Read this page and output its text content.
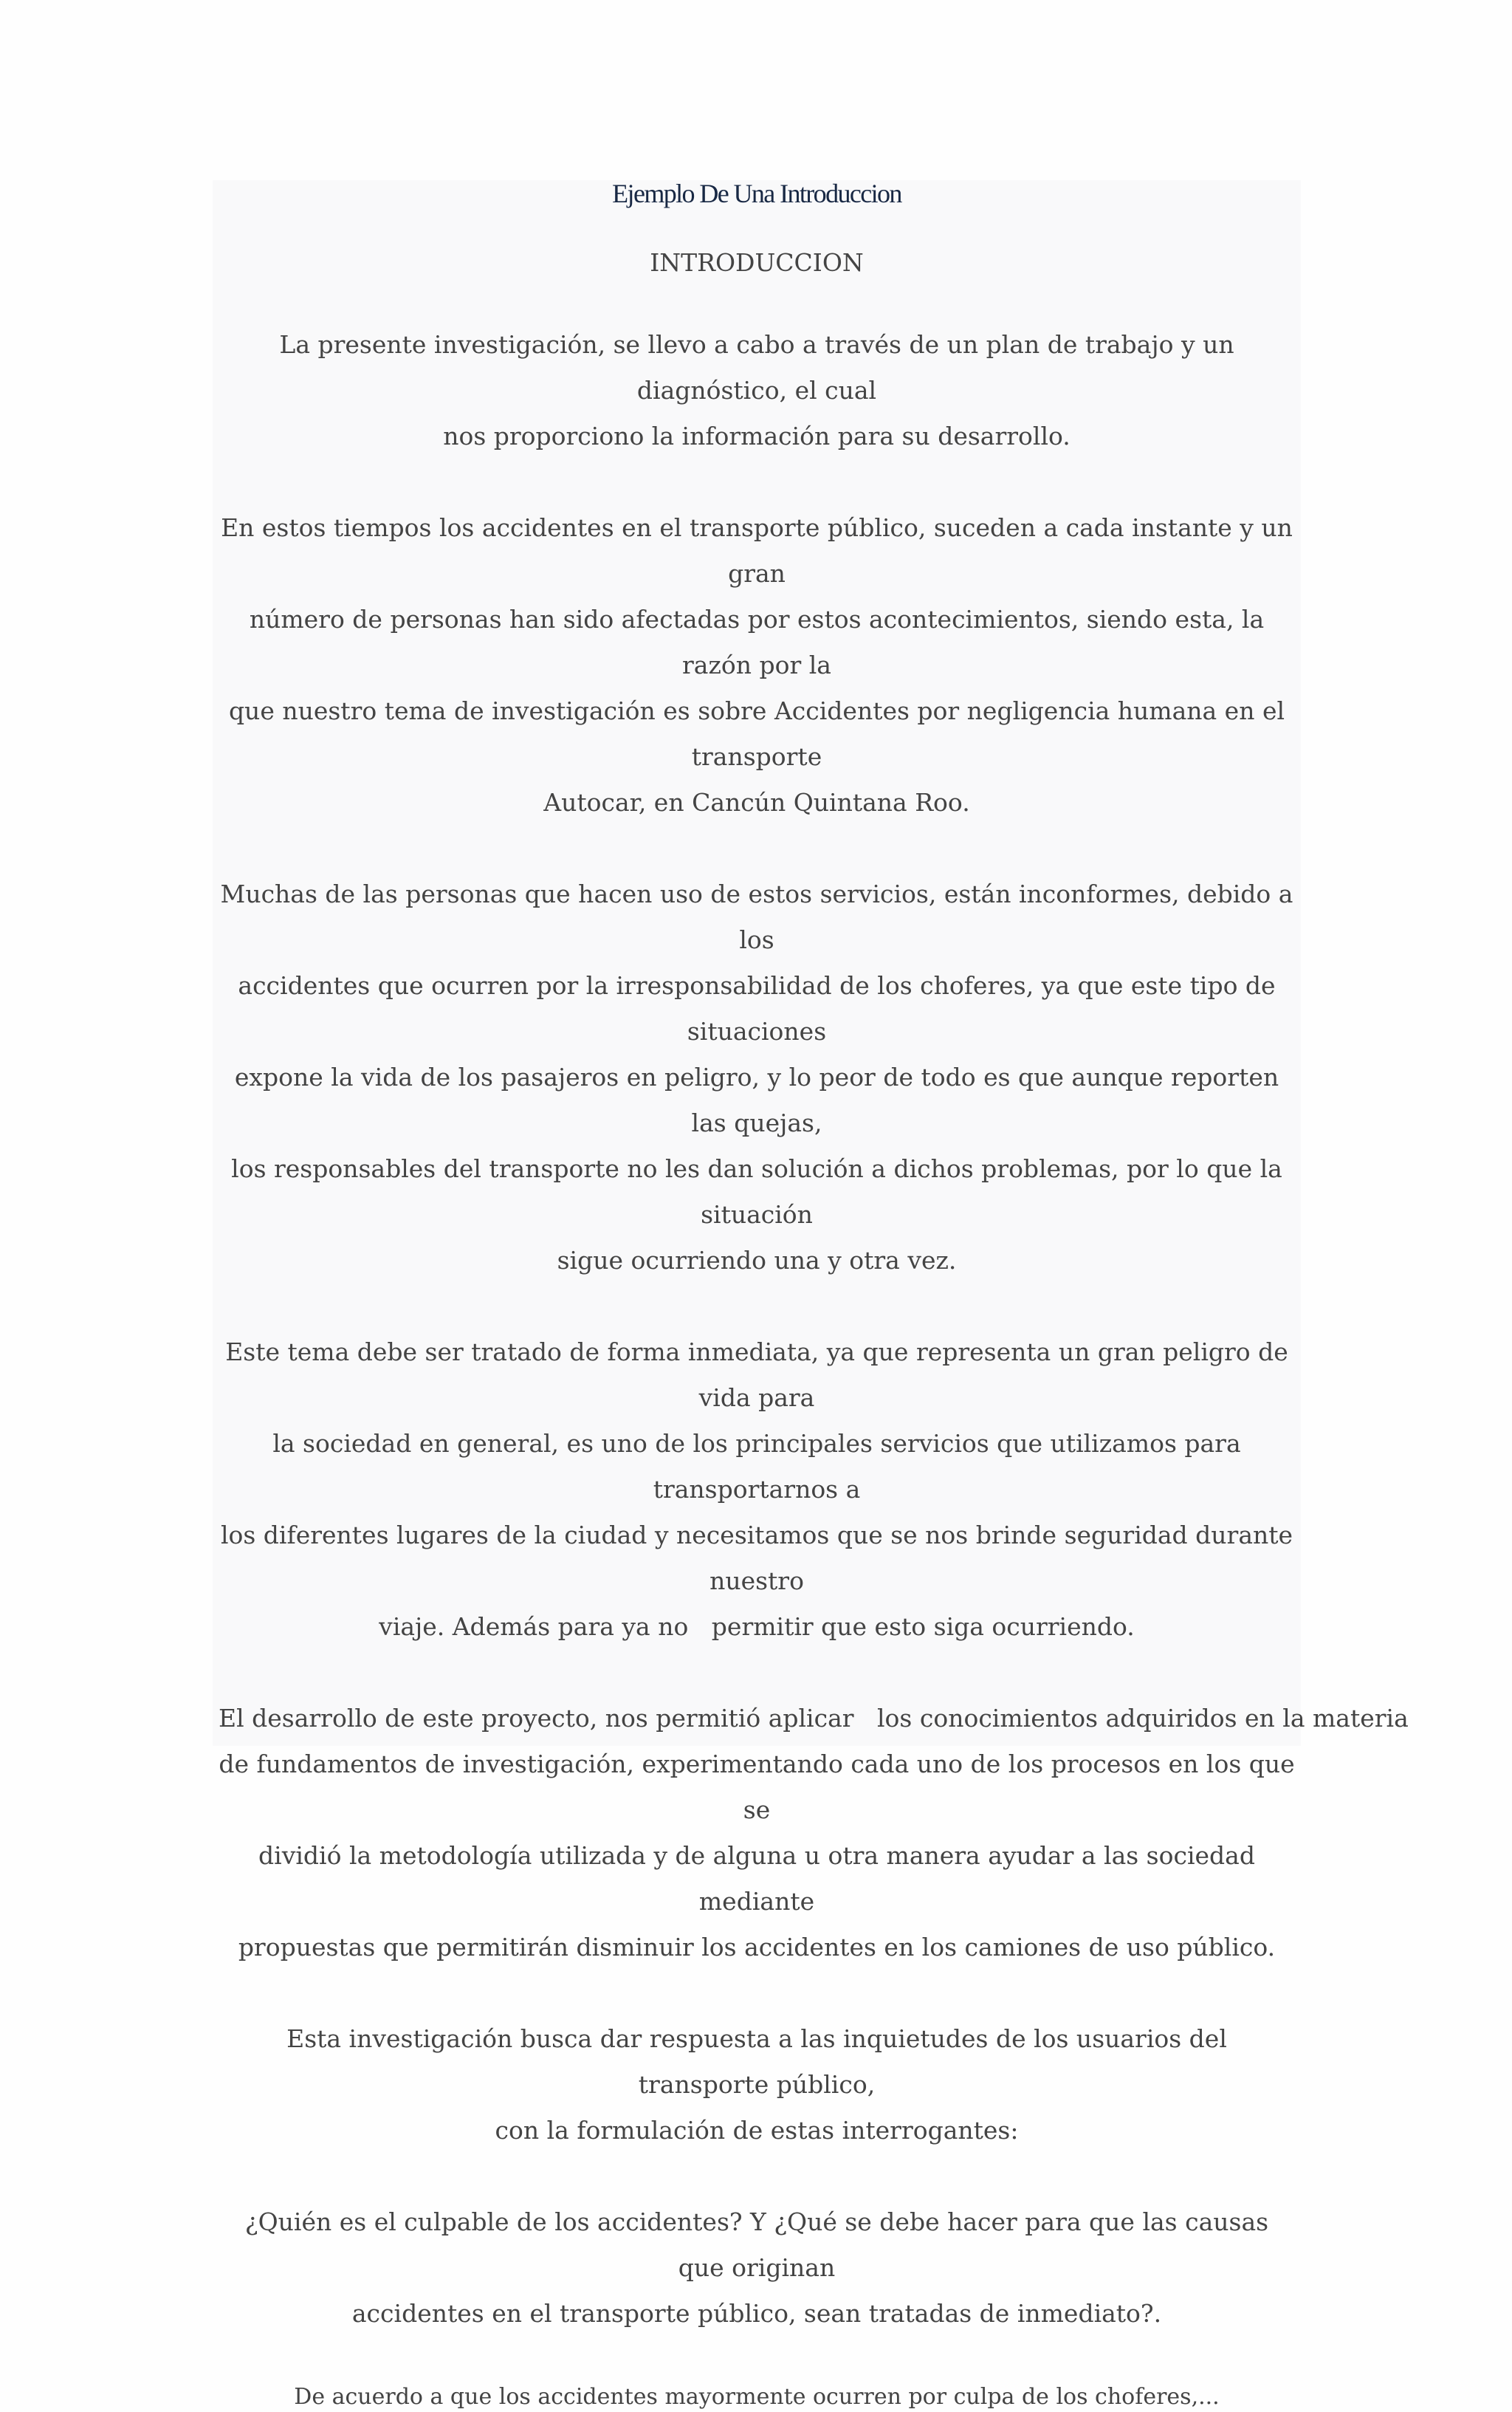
Ejemplo De Una Introduccion

INTRODUCCION

La presente investigación, se llevo a cabo a través de un plan de trabajo y un diagnóstico, el cual
nos proporciono la información para su desarrollo.

En estos tiempos los accidentes en el transporte público, suceden a cada instante y un gran
número de personas han sido afectadas por estos acontecimientos, siendo esta, la razón por la
que nuestro tema de investigación es sobre Accidentes por negligencia humana en el transporte
Autocar, en Cancún Quintana Roo.

Muchas de las personas que hacen uso de estos servicios, están inconformes, debido a los
accidentes que ocurren por la irresponsabilidad de los choferes, ya que este tipo de situaciones
expone la vida de los pasajeros en peligro, y lo peor de todo es que aunque reporten las quejas,
los responsables del transporte no les dan solución a dichos problemas, por lo que la situación
sigue ocurriendo una y otra vez.

Este tema debe ser tratado de forma inmediata, ya que representa un gran peligro de vida para
la sociedad en general, es uno de los principales servicios que utilizamos para transportarnos a
los diferentes lugares de la ciudad y necesitamos que se nos brinde seguridad durante nuestro
viaje. Además para ya no   permitir que esto siga ocurriendo.

El desarrollo de este proyecto, nos permitió aplicar   los conocimientos adquiridos en la materia
de fundamentos de investigación, experimentando cada uno de los procesos en los que se
dividió la metodología utilizada y de alguna u otra manera ayudar a las sociedad mediante
propuestas que permitirán disminuir los accidentes en los camiones de uso público.

Esta investigación busca dar respuesta a las inquietudes de los usuarios del transporte público,
con la formulación de estas interrogantes:

¿Quién es el culpable de los accidentes? Y ¿Qué se debe hacer para que las causas que originan
accidentes en el transporte público, sean tratadas de inmediato?.

De acuerdo a que los accidentes mayormente ocurren por culpa de los choferes,...
